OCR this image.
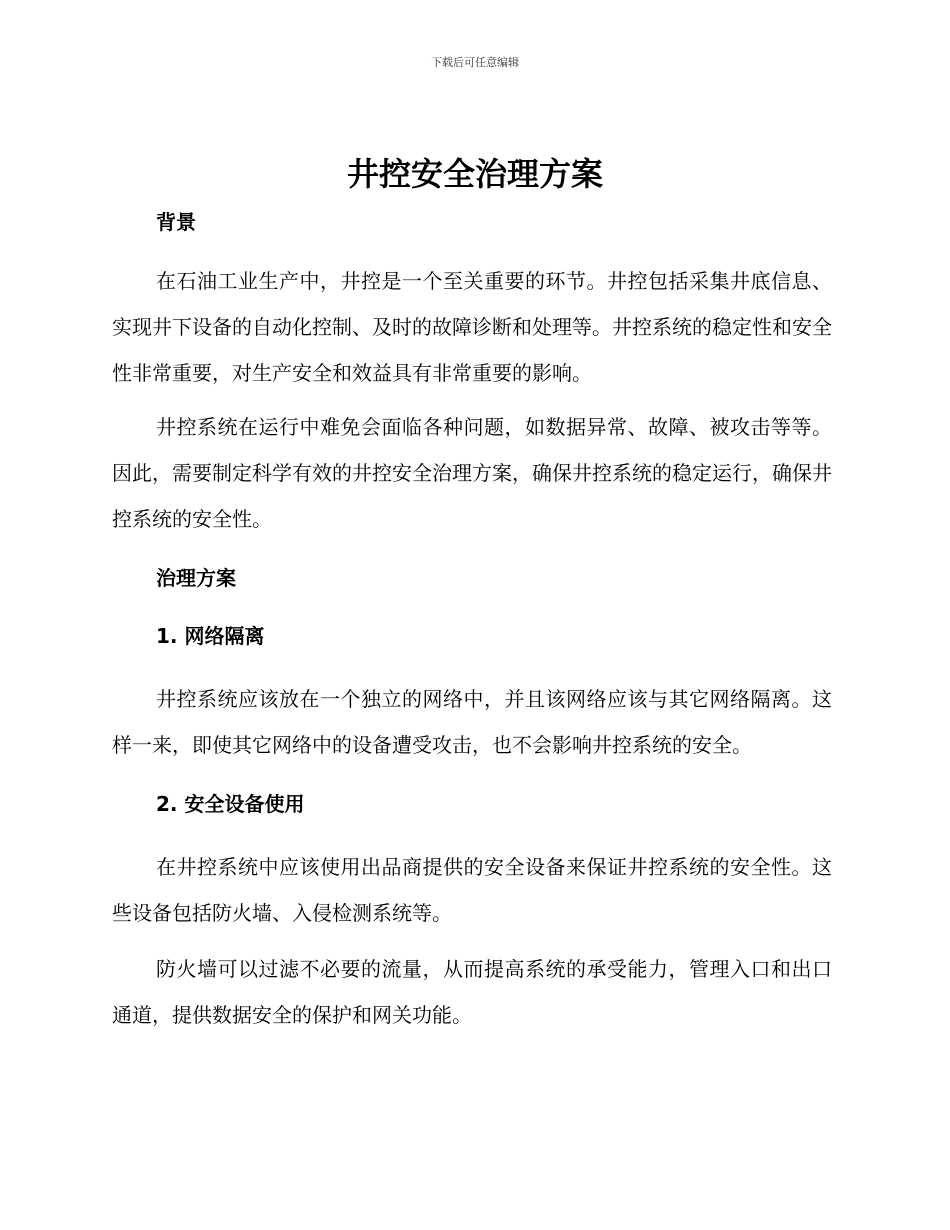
下载后可任意编辑
井控安全治理方案
背景

在石油工业生产中，井控是一个至关重要的环节。井控包括采集井底信息、实现井下设备的自动化控制、及时的故障诊断和处理等。井控系统的稳定性和安全性非常重要，对生产安全和效益具有非常重要的影响。

井控系统在运行中难免会面临各种问题，如数据异常、故障、被攻击等等。因此，需要制定科学有效的井控安全治理方案，确保井控系统的稳定运行，确保井控系统的安全性。

治理方案
1. 网络隔离

井控系统应该放在一个独立的网络中，并且该网络应该与其它网络隔离。这样一来，即使其它网络中的设备遭受攻击，也不会影响井控系统的安全。

2. 安全设备使用

在井控系统中应该使用出品商提供的安全设备来保证井控系统的安全性。这些设备包括防火墙、入侵检测系统等。

防火墙可以过滤不必要的流量，从而提高系统的承受能力，管理入口和出口通道，提供数据安全的保护和网关功能。
